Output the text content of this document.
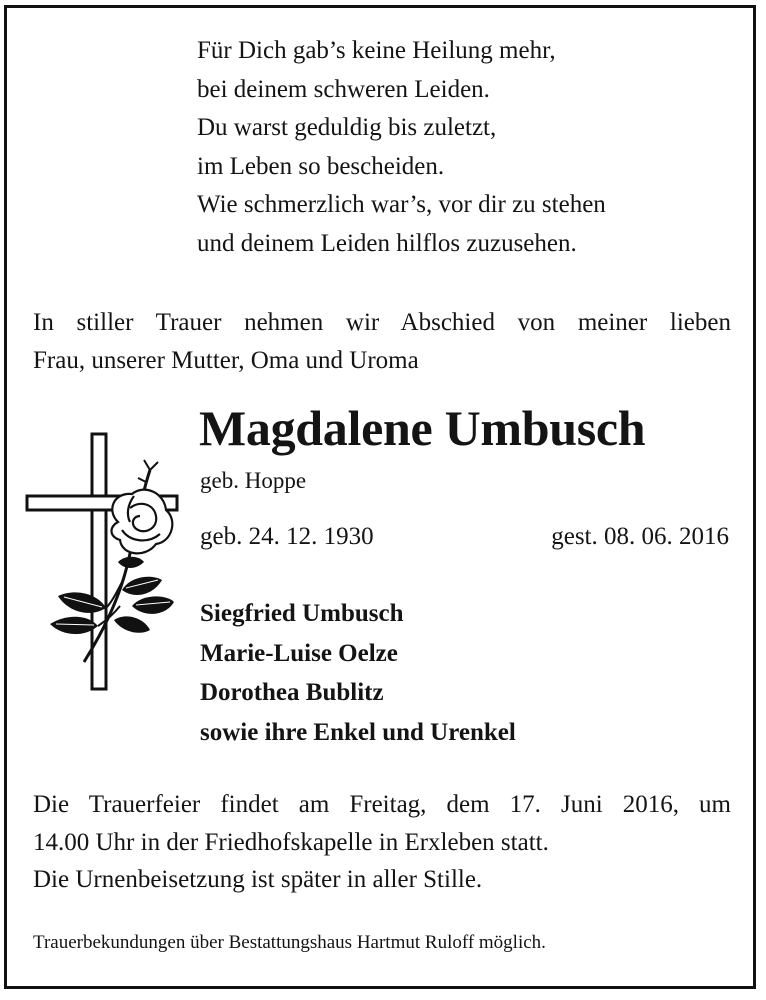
Für Dich gab’s keine Heilung mehr,
bei deinem schweren Leiden.
Du warst geduldig bis zuletzt,
im Leben so bescheiden.
Wie schmerzlich war’s, vor dir zu stehen
und deinem Leiden hilflos zuzusehen.
In stiller Trauer nehmen wir Abschied von meiner lieben
Frau, unserer Mutter, Oma und Uroma
Magdalene Umbusch
geb. Hoppe
geb. 24. 12. 1930	gest. 08. 06. 2016
Siegfried Umbusch
Marie-Luise Oelze
Dorothea Bublitz
sowie ihre Enkel und Urenkel
Die Trauerfeier findet am Freitag, dem 17. Juni 2016, um
14.00 Uhr in der Friedhofskapelle in Erxleben statt.
Die Urnenbeisetzung ist später in aller Stille.
Trauerbekundungen über Bestattungshaus Hartmut Ruloff möglich.
